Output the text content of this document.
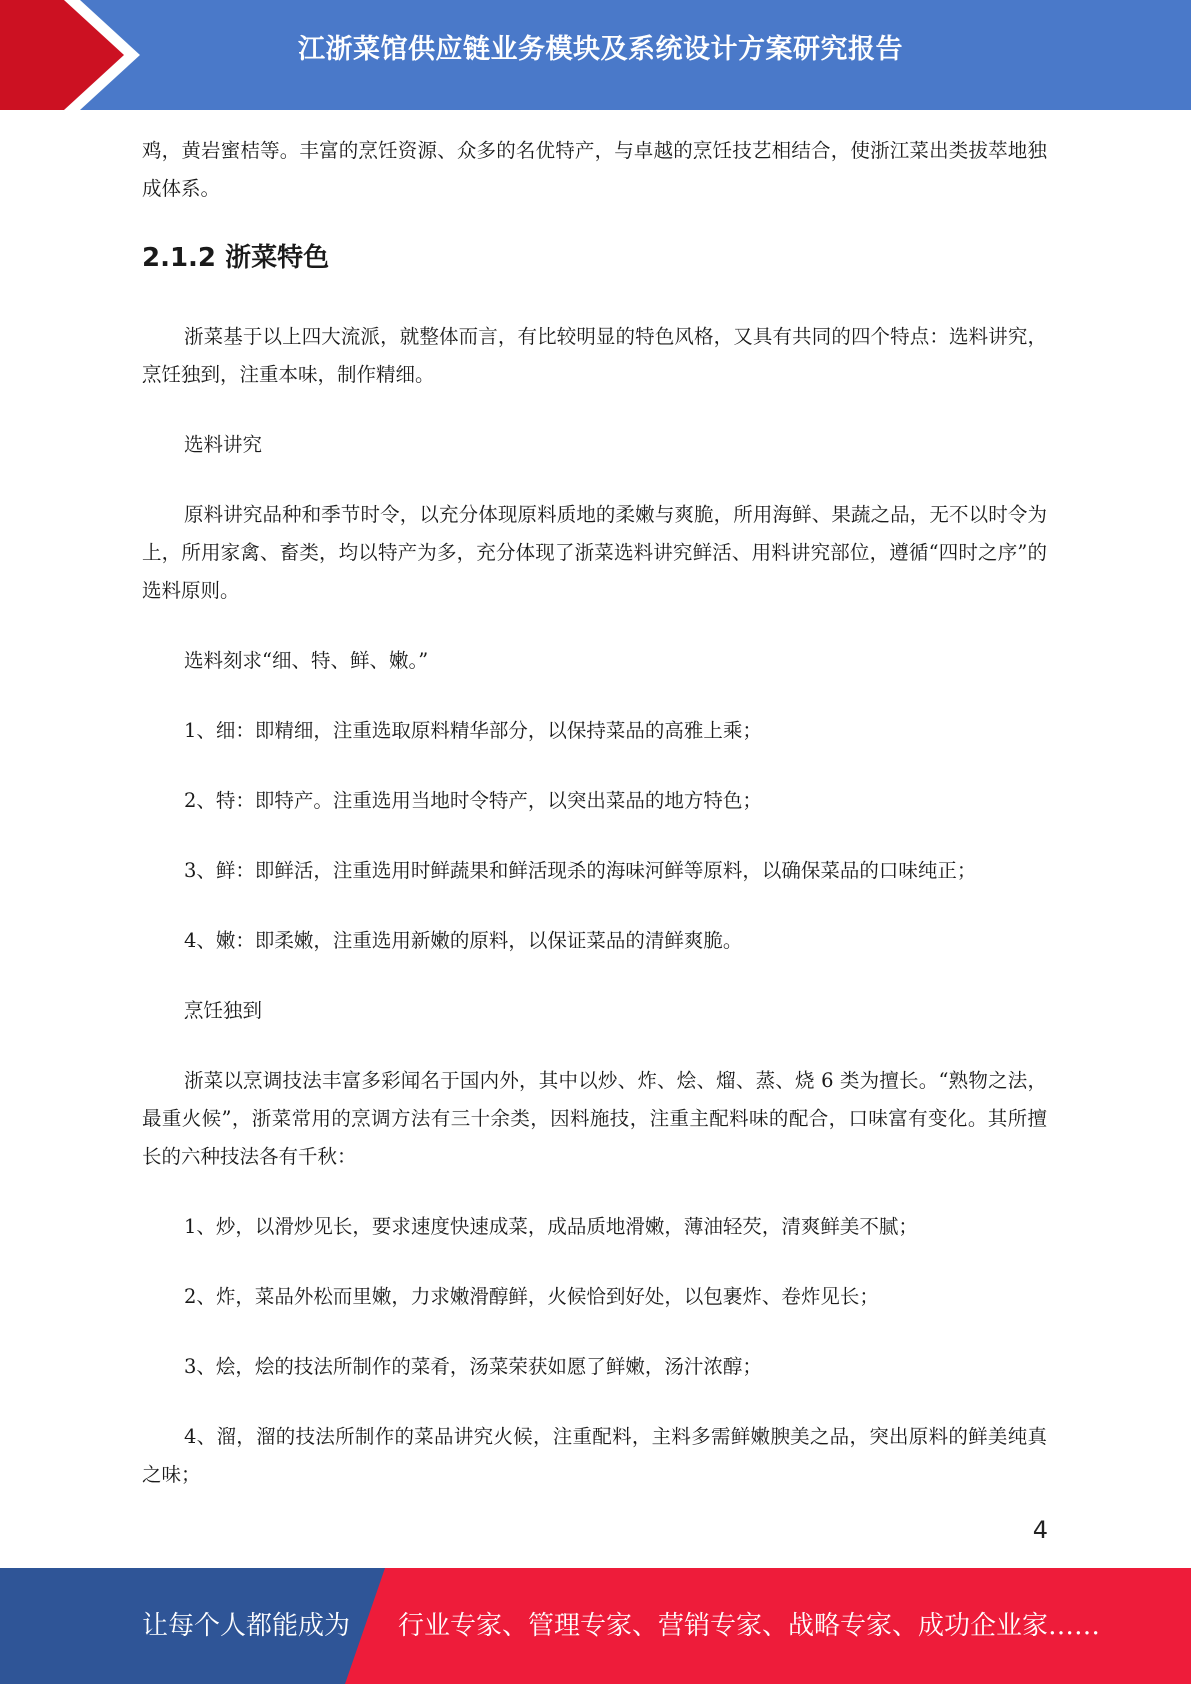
江浙菜馆供应链业务模块及系统设计方案研究报告

鸡，黄岩蜜桔等。丰富的烹饪资源、众多的名优特产，与卓越的烹饪技艺相结合，使浙江菜出类拔萃地独成体系。

2.1.2 浙菜特色

浙菜基于以上四大流派，就整体而言，有比较明显的特色风格，又具有共同的四个特点：选料讲究，烹饪独到，注重本味，制作精细。

选料讲究

原料讲究品种和季节时令，以充分体现原料质地的柔嫩与爽脆，所用海鲜、果蔬之品，无不以时令为上，所用家禽、畜类，均以特产为多，充分体现了浙菜选料讲究鲜活、用料讲究部位，遵循“四时之序”的选料原则。

选料刻求“细、特、鲜、嫩。”

1、细：即精细，注重选取原料精华部分，以保持菜品的高雅上乘；

2、特：即特产。注重选用当地时令特产，以突出菜品的地方特色；

3、鲜：即鲜活，注重选用时鲜蔬果和鲜活现杀的海味河鲜等原料，以确保菜品的口味纯正；

4、嫩：即柔嫩，注重选用新嫩的原料，以保证菜品的清鲜爽脆。

烹饪独到

浙菜以烹调技法丰富多彩闻名于国内外，其中以炒、炸、烩、熘、蒸、烧 6 类为擅长。“熟物之法，最重火候”，浙菜常用的烹调方法有三十余类，因料施技，注重主配料味的配合，口味富有变化。其所擅长的六种技法各有千秋：

1、炒，以滑炒见长，要求速度快速成菜，成品质地滑嫩，薄油轻芡，清爽鲜美不腻；

2、炸，菜品外松而里嫩，力求嫩滑醇鲜，火候恰到好处，以包裹炸、卷炸见长；

3、烩，烩的技法所制作的菜肴，汤菜荣获如愿了鲜嫩，汤汁浓醇；

4、溜，溜的技法所制作的菜品讲究火候，注重配料，主料多需鲜嫩腴美之品，突出原料的鲜美纯真之味；

4
让每个人都能成为 行业专家、管理专家、营销专家、战略专家、成功企业家……
